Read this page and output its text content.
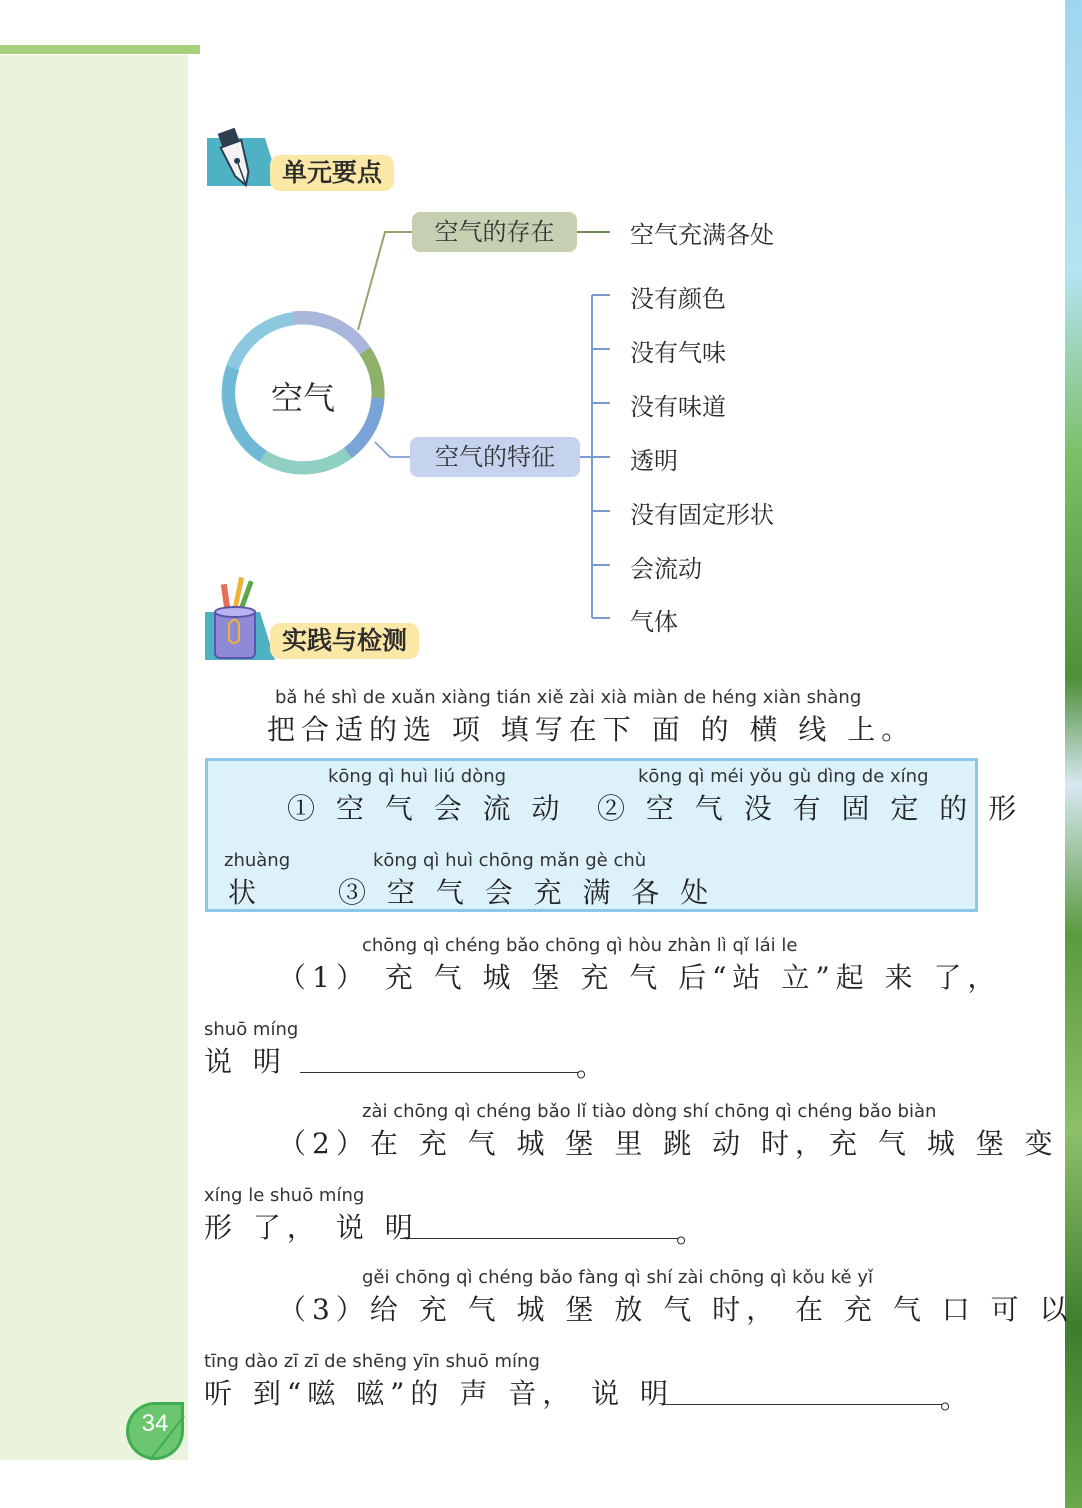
单元要点
空气
空气的存在
空气的特征
空气充满各处
没有颜色
没有气味
没有味道
透明
没有固定形状
会流动
气体
实践与检测
bǎ hé shì de xuǎn xiàng tián xiě zài xià miàn de héng xiàn shàng
把合适的选 项 填写在下 面 的 横 线 上。
kōng qì huì liú dòng
① 空 气 会 流 动
kōng qì méi yǒu gù dìng de xíng
② 空 气 没 有 固 定 的 形
zhuàng
状
kōng qì huì chōng mǎn gè chù
③ 空 气 会 充 满 各 处
chōng qì chéng bǎo chōng qì hòu zhàn lì qǐ lái le
（1） 充 气 城 堡 充 气 后“站 立”起 来 了，
shuō míng
说 明	。
zài chōng qì chéng bǎo lǐ tiào dòng shí chōng qì chéng bǎo biàn
（2）在 充 气 城 堡 里 跳 动 时，充 气 城 堡 变
xíng le shuō míng
形 了， 说 明	。
gěi chōng qì chéng bǎo fàng qì shí zài chōng qì kǒu kě yǐ
（3）给 充 气 城 堡 放 气 时， 在 充 气 口 可 以
tīng dào zī zī de shēng yīn shuō míng
听 到“嗞 嗞”的 声 音， 说 明	。
34
